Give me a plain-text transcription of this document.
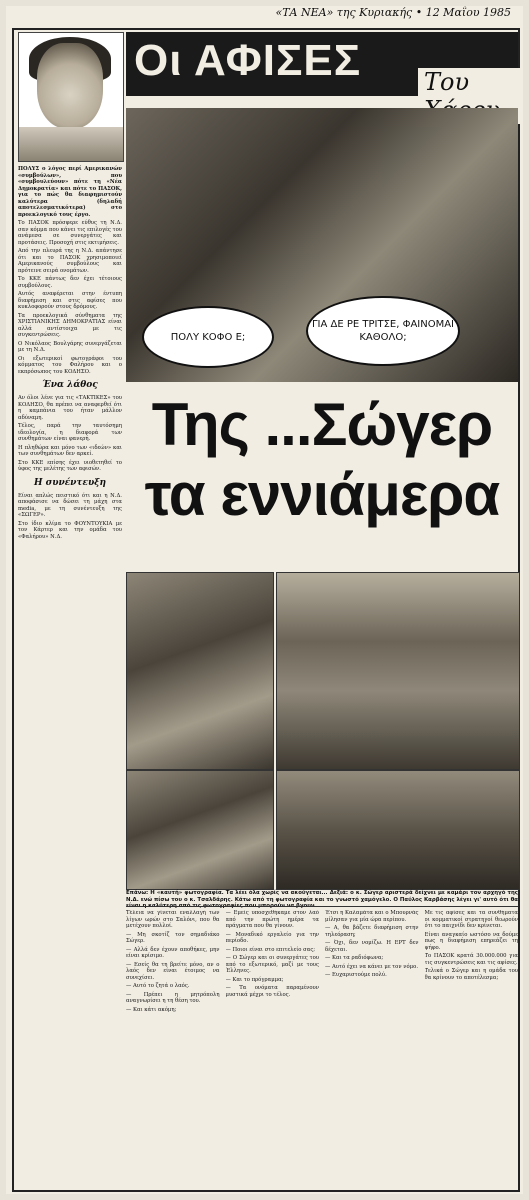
«ΤΑ ΝΕΑ» της Κυριακής • 12 Μαΐου 1985
Οι ΑΦΙΣΕΣ	Του
ΠΟΛΥ ΚΟΦΟ Ε;
ΓΙΑ ΔΕ ΡΕ ΤΡΙΤΣΕ, ΦΑΙΝΟΜΑΙ ΚΑΘΟΛΟ;
Της ...Σώγερ
τα εννιάμερα

ΠΟΛΥΣ ο λόγος περί Αμερικανών «συμβούλων», που «συμβουλεύουν» πότε τη «Νέα Δημοκρατία» και πότε το ΠΑΣΟΚ, για το πώς θα διαφημιστούν καλύτερα (δηλαδή αποτελεσματικότερα) στο προεκλογικό τους έργο.

Το ΠΑΣΟΚ πρόσφερε εύθυς τη Ν.Δ. σαν κόμμα που κάνει τις επιλογές του ανάμεσα σε συνεργάτες και προτάσεις. Προσοχή στις εκτιμήσεις.

Από την πλευρά της η Ν.Δ. απάντησε ότι και το ΠΑΣΟΚ χρησιμοποιεί Αμερικανούς συμβούλους και πρότεινε σειρά ονομάτων.

Το ΚΚΕ πάντως δεν έχει τέτοιους συμβούλους.

Αυτός αναφέρεται στην έντυπη διαφήμιση και στις αφίσες που κυκλοφορούν στους δρόμους.

Τα προεκλογικά σύνθηματα της ΧΡΙΣΤΙΑΝΙΚΗΣ ΔΗΜΟΚΡΑΤΙΑΣ είναι αλλά αντίστοιχα με τις συγκεντρώσεις.

Ο Νικόλαος Βουλγάρης συνεργάζεται με τη Ν.Δ.

Οι εξωτερικοί φωτογράφοι του κόμματος του Φαλήρου και ο εκπρόσωπος του ΚΟΔΗΣΟ.

Ένα λάθος

Αν όλοι λένε για τις «ΤΑΚΤΙΚΕΣ» του ΚΟΔΗΣΟ, θα πρέπει να αναφερθεί ότι η καμπάνια του ήταν μάλλον αδύναμη.

Τέλος, παρά την ταυτόσημη ιδεολογία, η διαφορά των συνθημάτων είναι φανερή.

Η πληθώρα και μόνο των «ιδεών» και των συνθημάτων δεν αρκεί.

Στο ΚΚΕ επίσης έχει υιοθετηθεί το ύφος της μελέτης των αφισών.

Η συνέντευξη

Είναι απλώς πειστικό ότι και η Ν.Δ. αποφάσισε να δώσει τη μάχη στα media, με τη συνέντευξη της «ΣΩΓΕΡ».

Στο ίδιο κλίμα το ΦΟΥΝΤΟΥΚΙΑ με τον Κάρτερ και την ομάδα του «Φαλήρου» Ν.Δ.

Επάνω: Η «καυτή» φωτογραφία. Τα λέει όλα χωρίς να ακούγεται... Δεξιά: ο κ. Σώγερ αριστερά δείχνει με καμάρι τον αρχηγό της Ν.Δ. ενώ πίσω του ο κ. Τσαλδάρης. Κάτω από τη φωτογραφία και το γνωστό χαμόγελο. Ο Παύλος Καρβάσης λέγει γι' αυτό ότι θα

Τέλεια να γίνεται εναλλαγή των λίγων ωρών στο Σαλόνι, που θα μετέχουν πολλοί.

— Μη σκοτίζ τον σημαδιάκο Σώγερ.

— Αλλά δεν έχουν αποθήκες, μην είναι κρίσιμο.

— Εσείς θα τη βρείτε μόνο, αν ο λαός δεν είναι έτοιμος να συνεχίσει.

— Αυτό το ζητά ο λαός.

— Πρέπει η μητρόπολη αναγνωρίσει η τη θέση του.

— Και κάτι ακόμη;

— Εμείς υποσχεθήκαμε στον λαό από την πρώτη ημέρα τα πράγματα που θα γίνουν.

— Μοναδικό εργαλείο για την περίοδο.

— Ποιοι είναι στο επιτελείο σας;

— Ο Σώγερ και οι συνεργάτες του από το εξωτερικό, μαζί με τους Έλληνες.

— Και το πρόγραμμα;

— Τα ονόματα παραμένουν μυστικά μέχρι το τέλος.

Έτσι η Καλαμάτα και ο Μπουρνάς μίλησαν για μία ώρα περίπου.

— Α, θα βάζετε διαφήμιση στην τηλεόραση;

— Όχι, δεν νομίζω. Η ΕΡΤ δεν δέχεται.

— Και τα ραδιόφωνα;

— Αυτό έχει να κάνει με τον νόμο.

— Ευχαριστούμε πολύ.

Με τις αφίσες και τα συνθήματα οι κομματικοί στρατηγοί θεωρούν ότι το παιχνίδι δεν κρίνεται.

Είναι αναγκαίο ωστόσο να δούμε πως η διαφήμιση επηρεάζει τη ψήφο.

Το ΠΑΣΟΚ κρατά 30.000.000 για τις συγκεντρώσεις και τις αφίσες.

Τελικά ο Σώγερ και η ομάδα του θα κρίνουν το αποτέλεσμα;
